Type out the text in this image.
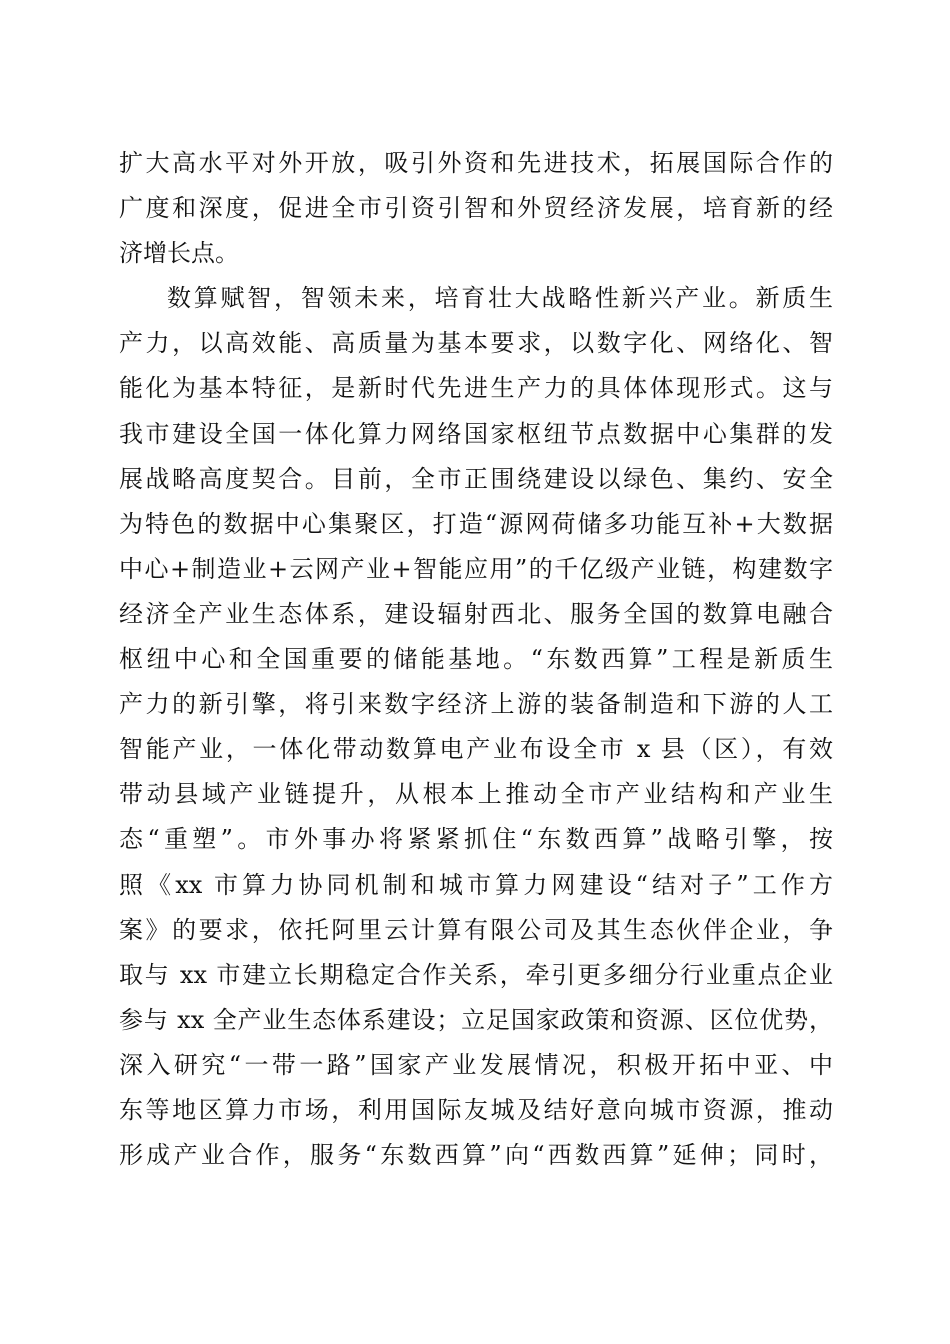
扩大高水平对外开放，吸引外资和先进技术，拓展国际合作的
广度和深度，促进全市引资引智和外贸经济发展，培育新的经
济增长点。
数算赋智，智领未来，培育壮大战略性新兴产业。新质生
产力，以高效能、高质量为基本要求，以数字化、网络化、智
能化为基本特征，是新时代先进生产力的具体体现形式。这与
我市建设全国一体化算力网络国家枢纽节点数据中心集群的发
展战略高度契合。目前，全市正围绕建设以绿色、集约、安全
为特色的数据中心集聚区，打造“源网荷储多功能互补+大数据
中心+制造业+云网产业+智能应用”的千亿级产业链，构建数字
经济全产业生态体系，建设辐射西北、服务全国的数算电融合
枢纽中心和全国重要的储能基地。“东数西算”工程是新质生
产力的新引擎，将引来数字经济上游的装备制造和下游的人工
智能产业，一体化带动数算电产业布设全市 x 县（区），有效
带动县域产业链提升，从根本上推动全市产业结构和产业生
态“重塑”。市外事办将紧紧抓住“东数西算”战略引擎，按
照《xx 市算力协同机制和城市算力网建设“结对子”工作方
案》的要求，依托阿里云计算有限公司及其生态伙伴企业，争
取与 xx 市建立长期稳定合作关系，牵引更多细分行业重点企业
参与 xx 全产业生态体系建设；立足国家政策和资源、区位优势，
深入研究“一带一路”国家产业发展情况，积极开拓中亚、中
东等地区算力市场，利用国际友城及结好意向城市资源，推动
形成产业合作，服务“东数西算”向“西数西算”延伸；同时，
